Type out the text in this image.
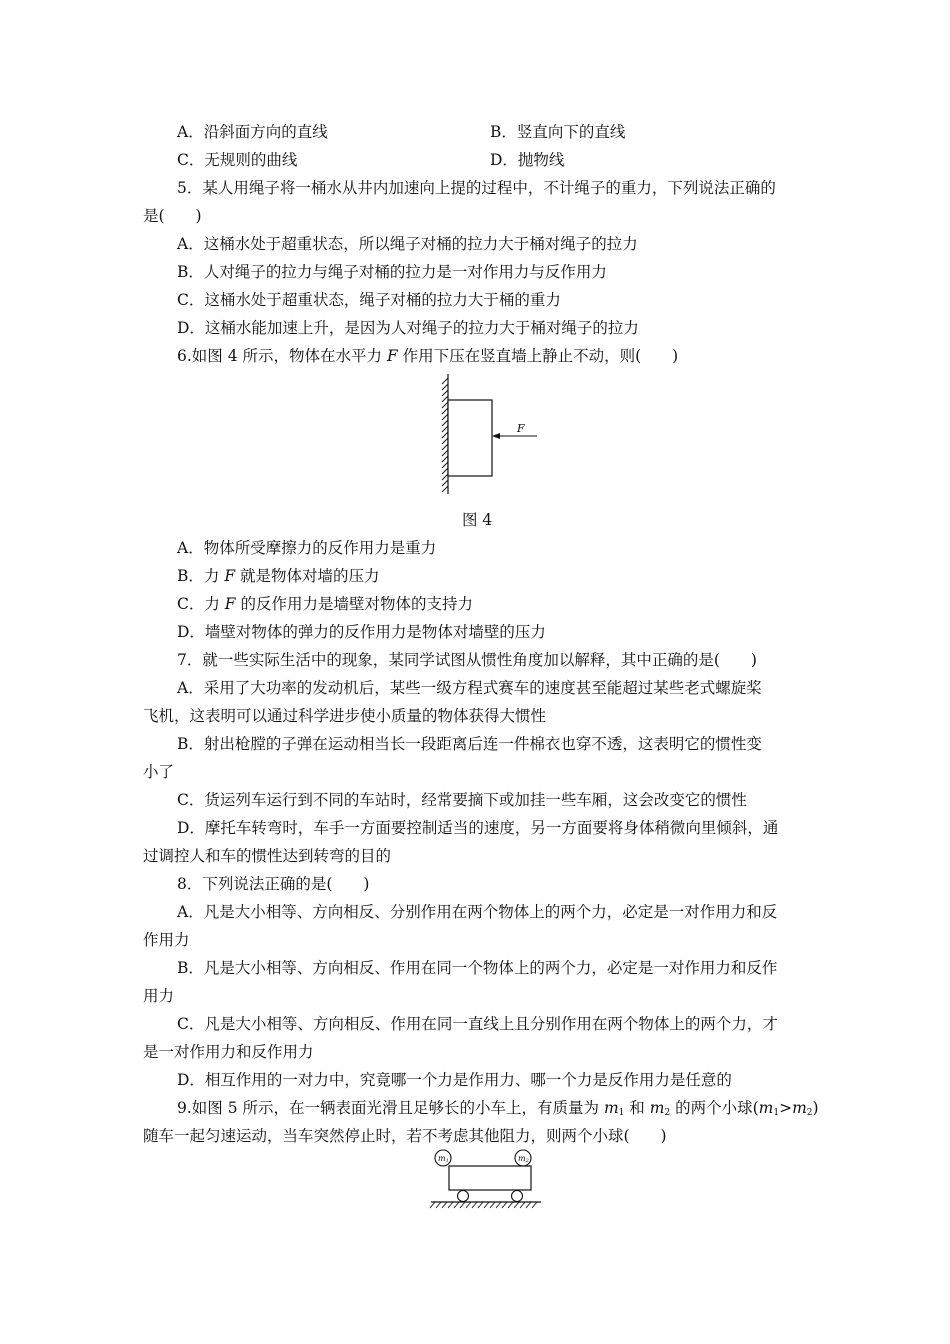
A．沿斜面方向的直线	B．竖直向下的直线
C．无规则的曲线	D．抛物线
5．某人用绳子将一桶水从井内加速向上提的过程中，不计绳子的重力，下列说法正确的
是(　　)
A．这桶水处于超重状态，所以绳子对桶的拉力大于桶对绳子的拉力
B．人对绳子的拉力与绳子对桶的拉力是一对作用力与反作用力
C．这桶水处于超重状态，绳子对桶的拉力大于桶的重力
D．这桶水能加速上升，是因为人对绳子的拉力大于桶对绳子的拉力
6.如图 4 所示，物体在水平力 F 作用下压在竖直墙上静止不动，则(　　)
F
图 4
A．物体所受摩擦力的反作用力是重力
B．力 F 就是物体对墙的压力
C．力 F 的反作用力是墙壁对物体的支持力
D．墙壁对物体的弹力的反作用力是物体对墙壁的压力
7．就一些实际生活中的现象，某同学试图从惯性角度加以解释，其中正确的是(　　)
A．采用了大功率的发动机后，某些一级方程式赛车的速度甚至能超过某些老式螺旋桨
飞机，这表明可以通过科学进步使小质量的物体获得大惯性
B．射出枪膛的子弹在运动相当长一段距离后连一件棉衣也穿不透，这表明它的惯性变
小了
C．货运列车运行到不同的车站时，经常要摘下或加挂一些车厢，这会改变它的惯性
D．摩托车转弯时，车手一方面要控制适当的速度，另一方面要将身体稍微向里倾斜，通
过调控人和车的惯性达到转弯的目的
8．下列说法正确的是(　　)
A．凡是大小相等、方向相反、分别作用在两个物体上的两个力，必定是一对作用力和反
作用力
B．凡是大小相等、方向相反、作用在同一个物体上的两个力，必定是一对作用力和反作
用力
C．凡是大小相等、方向相反、作用在同一直线上且分别作用在两个物体上的两个力，才
是一对作用力和反作用力
D．相互作用的一对力中，究竟哪一个力是作用力、哪一个力是反作用力是任意的
9.如图 5 所示，在一辆表面光滑且足够长的小车上，有质量为 $m_1$ 和 $m_2$ 的两个小球$(m_1>m_2)$
随车一起匀速运动，当车突然停止时，若不考虑其他阻力，则两个小球(　　)
m1	m2
